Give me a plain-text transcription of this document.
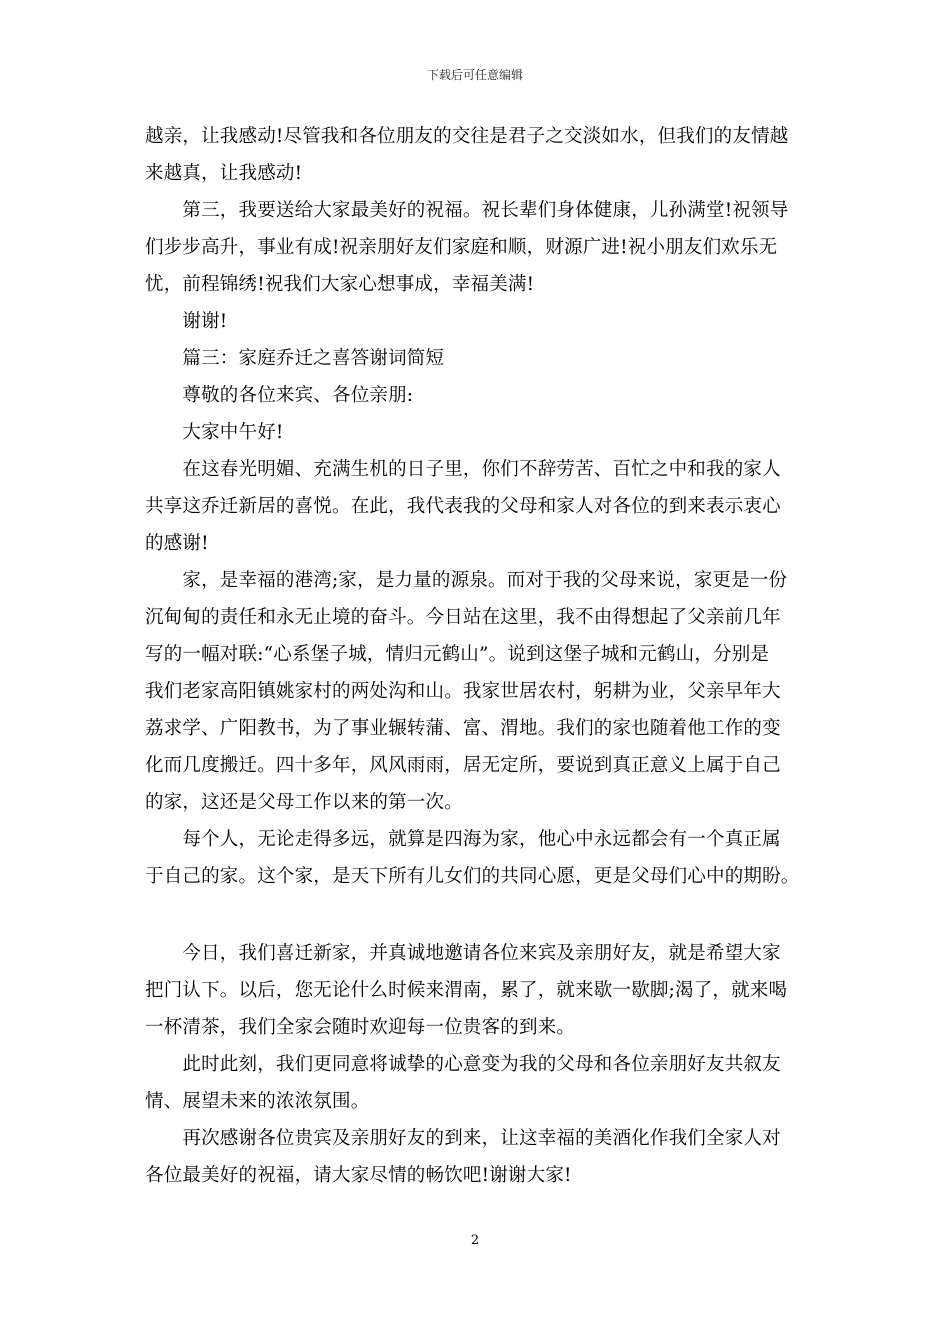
下载后可任意编辑

越亲，让我感动!尽管我和各位朋友的交往是君子之交淡如水，但我们的友情越

来越真，让我感动!

　　第三，我要送给大家最美好的祝福。祝长辈们身体健康，儿孙满堂!祝领导

们步步高升，事业有成!祝亲朋好友们家庭和顺，财源广进!祝小朋友们欢乐无

忧，前程锦绣!祝我们大家心想事成，幸福美满!

　　谢谢!

　　篇三：家庭乔迁之喜答谢词简短

　　尊敬的各位来宾、各位亲朋:

　　大家中午好!

　　在这春光明媚、充满生机的日子里，你们不辞劳苦、百忙之中和我的家人

共享这乔迁新居的喜悦。在此，我代表我的父母和家人对各位的到来表示衷心

的感谢!

　　家，是幸福的港湾;家，是力量的源泉。而对于我的父母来说，家更是一份

沉甸甸的责任和永无止境的奋斗。今日站在这里，我不由得想起了父亲前几年

写的一幅对联:“心系堡子城，情归元鹤山”。说到这堡子城和元鹤山，分别是

我们老家高阳镇姚家村的两处沟和山。我家世居农村，躬耕为业，父亲早年大

荔求学、广阳教书，为了事业辗转蒲、富、渭地。我们的家也随着他工作的变

化而几度搬迁。四十多年，风风雨雨，居无定所，要说到真正意义上属于自己

的家，这还是父母工作以来的第一次。

　　每个人，无论走得多远，就算是四海为家，他心中永远都会有一个真正属

于自己的家。这个家，是天下所有儿女们的共同心愿，更是父母们心中的期盼。

　　今日，我们喜迁新家，并真诚地邀请各位来宾及亲朋好友，就是希望大家

把门认下。以后，您无论什么时候来渭南，累了，就来歇一歇脚;渴了，就来喝

一杯清茶，我们全家会随时欢迎每一位贵客的到来。

　　此时此刻，我们更同意将诚挚的心意变为我的父母和各位亲朋好友共叙友

情、展望未来的浓浓氛围。

　　再次感谢各位贵宾及亲朋好友的到来，让这幸福的美酒化作我们全家人对

各位最美好的祝福，请大家尽情的畅饮吧!谢谢大家!

2
